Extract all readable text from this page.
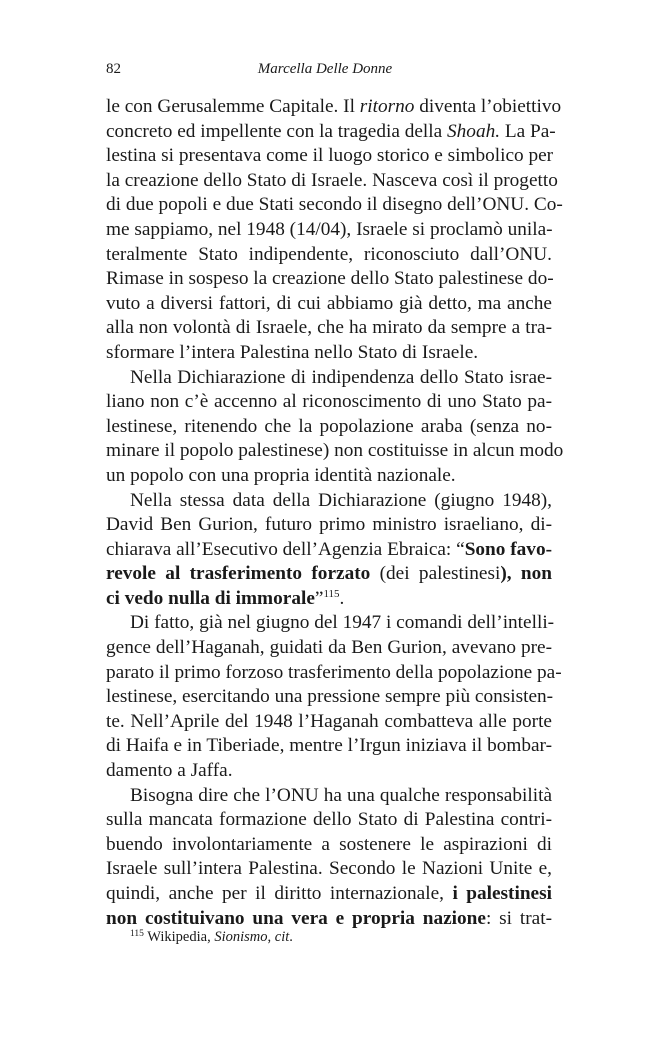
82	Marcella Delle Donne
le con Gerusalemme Capitale. Il ritorno diventa l’obiettivo
concreto ed impellente con la tragedia della Shoah. La Pa-
lestina si presentava come il luogo storico e simbolico per
la creazione dello Stato di Israele. Nasceva così il progetto
di due popoli e due Stati secondo il disegno dell’ONU. Co-
me sappiamo, nel 1948 (14/04), Israele si proclamò unila-
teralmente Stato indipendente, riconosciuto dall’ONU.
Rimase in sospeso la creazione dello Stato palestinese do-
vuto a diversi fattori, di cui abbiamo già detto, ma anche
alla non volontà di Israele, che ha mirato da sempre a tra-
sformare l’intera Palestina nello Stato di Israele.
Nella Dichiarazione di indipendenza dello Stato israe-
liano non c’è accenno al riconoscimento di uno Stato pa-
lestinese, ritenendo che la popolazione araba (senza no-
minare il popolo palestinese) non costituisse in alcun modo
un popolo con una propria identità nazionale.
Nella stessa data della Dichiarazione (giugno 1948),
David Ben Gurion, futuro primo ministro israeliano, di-
chiarava all’Esecutivo dell’Agenzia Ebraica: “Sono favo-
revole al trasferimento forzato (dei palestinesi), non
ci vedo nulla di immorale”$^{115}$.
Di fatto, già nel giugno del 1947 i comandi dell’intelli-
gence dell’Haganah, guidati da Ben Gurion, avevano pre-
parato il primo forzoso trasferimento della popolazione pa-
lestinese, esercitando una pressione sempre più consisten-
te. Nell’Aprile del 1948 l’Haganah combatteva alle porte
di Haifa e in Tiberiade, mentre l’Irgun iniziava il bombar-
damento a Jaffa.
Bisogna dire che l’ONU ha una qualche responsabilità
sulla mancata formazione dello Stato di Palestina contri-
buendo involontariamente a sostenere le aspirazioni di
Israele sull’intera Palestina. Secondo le Nazioni Unite e,
quindi, anche per il diritto internazionale, i palestinesi
non costituivano una vera e propria nazione: si trat-
$^{115}$ Wikipedia, Sionismo, cit.
